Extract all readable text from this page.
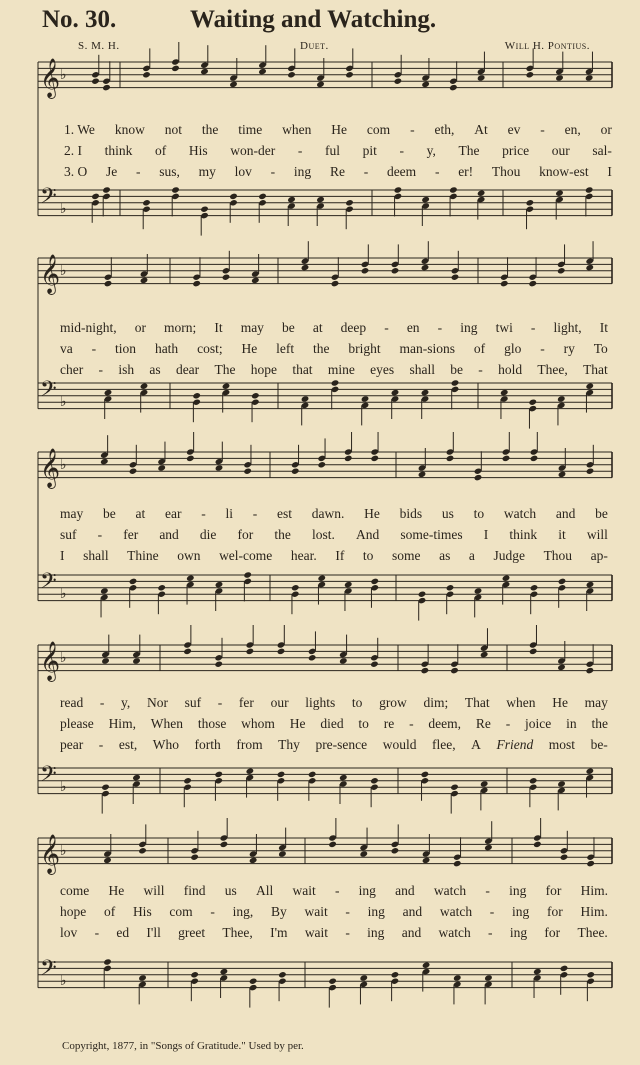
No. 30.	Waiting and Watching.
S. M. H.	Duet.	Will H. Pontius.
𝄞 ♭
𝄢 ♭
𝄞 ♭
𝄢 ♭
𝄞 ♭
𝄢 ♭
𝄞 ♭
𝄢 ♭
𝄞 ♭
𝄢 ♭
1. We know not the time when He com - eth, At ev - en, or
2. I think of His won-der - ful pit - y, The price our sal-
3. O Je - sus, my lov - ing Re - deem - er! Thou know-est I
mid-night, or morn; It may be at deep - en - ing twi - light, It
va - tion hath cost; He left the bright man-sions of glo - ry To
cher - ish as dear The hope that mine eyes shall be - hold Thee, That
may be at ear - li - est dawn. He bids us to watch and be
suf - fer and die for the lost. And some-times I think it will
I shall Thine own wel-come hear. If to some as a Judge Thou ap-
read - y, Nor suf - fer our lights to grow dim; That when He may
please Him, When those whom He died to re - deem, Re - joice in the
pear - est, Who forth from Thy pre-sence would flee, A Friend most be-
come He will find us All wait - ing and watch - ing for Him.
hope of His com - ing, By wait - ing and watch - ing for Him.
lov - ed I'll greet Thee, I'm wait - ing and watch - ing for Thee.
Copyright, 1877, in "Songs of Gratitude." Used by per.
